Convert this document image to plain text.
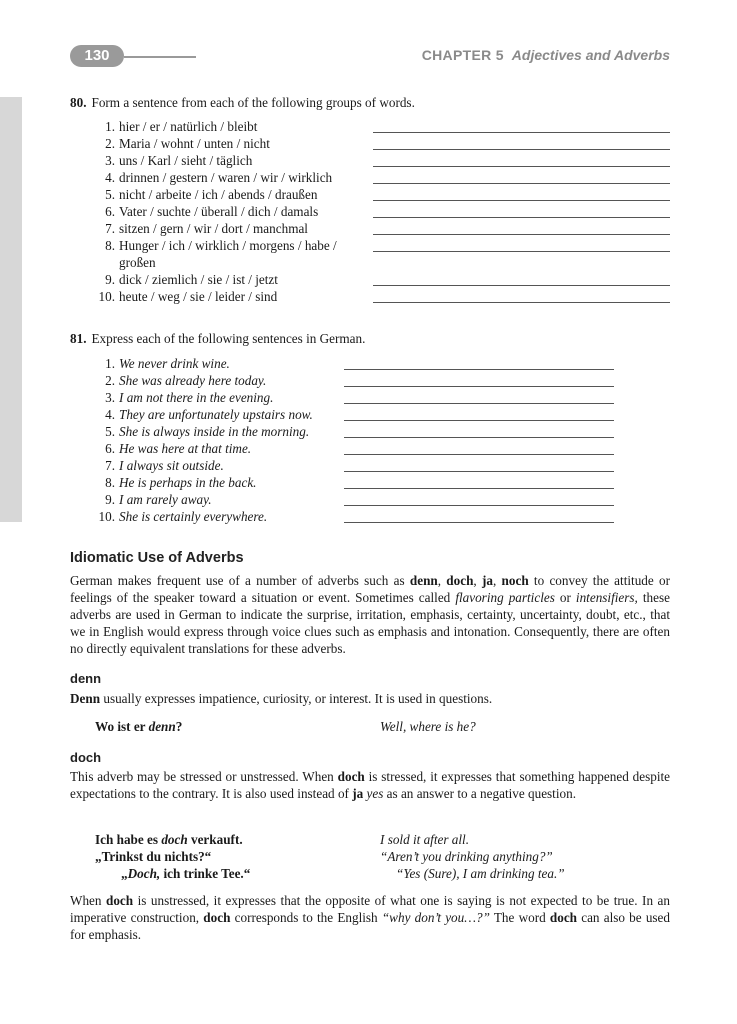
130	CHAPTER 5 Adjectives and Adverbs
80. Form a sentence from each of the following groups of words.
1. hier / er / natürlich / bleibt
2. Maria / wohnt / unten / nicht
3. uns / Karl / sieht / täglich
4. drinnen / gestern / waren / wir / wirklich
5. nicht / arbeite / ich / abends / draußen
6. Vater / suchte / überall / dich / damals
7. sitzen / gern / wir / dort / manchmal
8. Hunger / ich / wirklich / morgens / habe / großen
9. dick / ziemlich / sie / ist / jetzt
10. heute / weg / sie / leider / sind
81. Express each of the following sentences in German.
1. We never drink wine.
2. She was already here today.
3. I am not there in the evening.
4. They are unfortunately upstairs now.
5. She is always inside in the morning.
6. He was here at that time.
7. I always sit outside.
8. He is perhaps in the back.
9. I am rarely away.
10. She is certainly everywhere.
Idiomatic Use of Adverbs

German makes frequent use of a number of adverbs such as denn, doch, ja, noch to convey the attitude or feelings of the speaker toward a situation or event. Sometimes called flavoring particles or intensifiers, these adverbs are used in German to indicate the surprise, irritation, emphasis, certainty, uncertainty, doubt, etc., that we in English would express through voice clues such as emphasis and intonation. Consequently, there are often no directly equivalent translations for these adverbs.

denn

Denn usually expresses impatience, curiosity, or interest. It is used in questions.

Wo ist er denn?	Well, where is he?
doch

This adverb may be stressed or unstressed. When doch is stressed, it expresses that something happened despite expectations to the contrary. It is also used instead of ja yes as an answer to a negative question.

Ich habe es doch verkauft.	I sold it after all.
„Trinkst du nichts?“	“Aren’t you drinking anything?”
„Doch, ich trinke Tee.“	“Yes (Sure), I am drinking tea.”

When doch is unstressed, it expresses that the opposite of what one is saying is not expected to be true. In an imperative construction, doch corresponds to the English “why don’t you…?” The word doch can also be used for emphasis.
